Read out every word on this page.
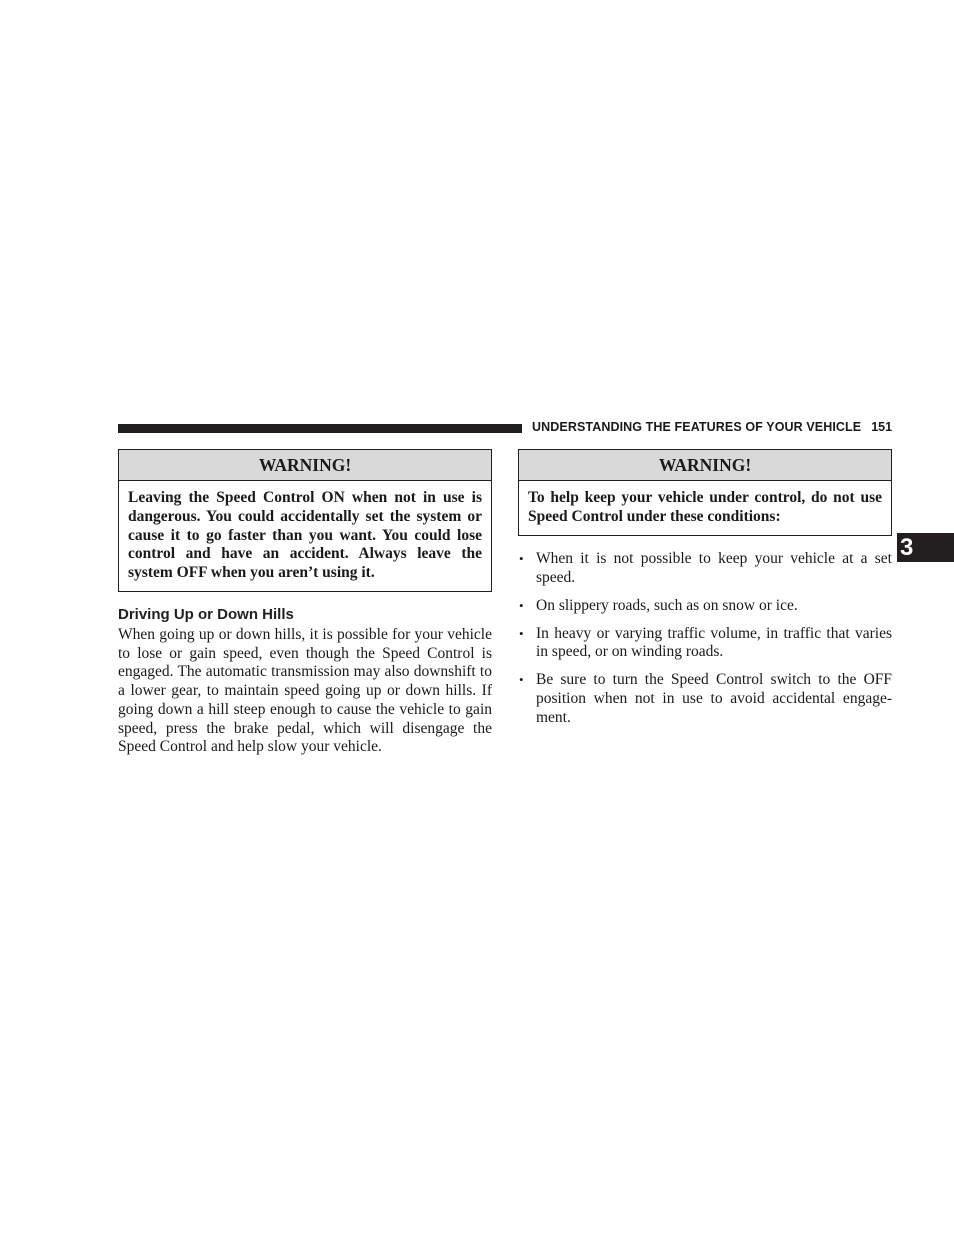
UNDERSTANDING THE FEATURES OF YOUR VEHICLE 151
3
WARNING!
Leaving the Speed Control ON when not in use is dangerous. You could accidentally set the system or cause it to go faster than you want. You could lose control and have an accident. Always leave the system OFF when you aren’t using it.
Driving Up or Down Hills

When going up or down hills, it is possible for your vehicle to lose or gain speed, even though the Speed Control is engaged. The automatic transmission may also downshift to a lower gear, to maintain speed going up or down hills. If going down a hill steep enough to cause the vehicle to gain speed, press the brake pedal, which will disengage the Speed Control and help slow your vehicle.

WARNING!
To help keep your vehicle under control, do not use Speed Control under these conditions:
• When it is not possible to keep your vehicle at a set speed.
• On slippery roads, such as on snow or ice.
• In heavy or varying traffic volume, in traffic that varies in speed, or on winding roads.
• Be sure to turn the Speed Control switch to the OFF position when not in use to avoid accidental engage-ment.
